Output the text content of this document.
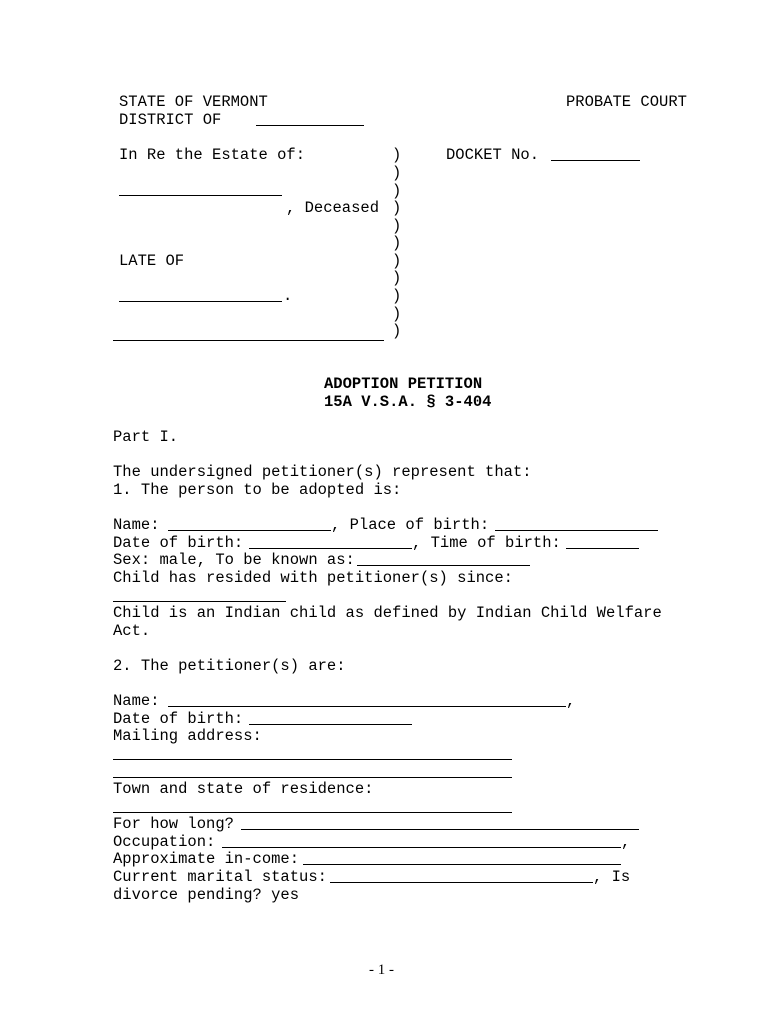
STATE OF VERMONT	PROBATE COURT
DISTRICT OF
In Re the Estate of:	DOCKET No.
, Deceased
LATE OF
.
)
)
)
)
)
)
)
)
)
)
)
ADOPTION PETITION
15A V.S.A. § 3-404
Part I.
The undersigned petitioner(s) represent that:
1. The person to be adopted is:
Name:	, Place of birth:
Date of birth:	, Time of birth:
Sex: male, To be known as:
Child has resided with petitioner(s) since:
Child is an Indian child as defined by Indian Child Welfare
Act.
2. The petitioner(s) are:
Name:	,
Date of birth:
Mailing address:
Town and state of residence:
For how long?
Occupation:	,
Approximate in-come:
Current marital status:	, Is
divorce pending? yes
- 1 -
